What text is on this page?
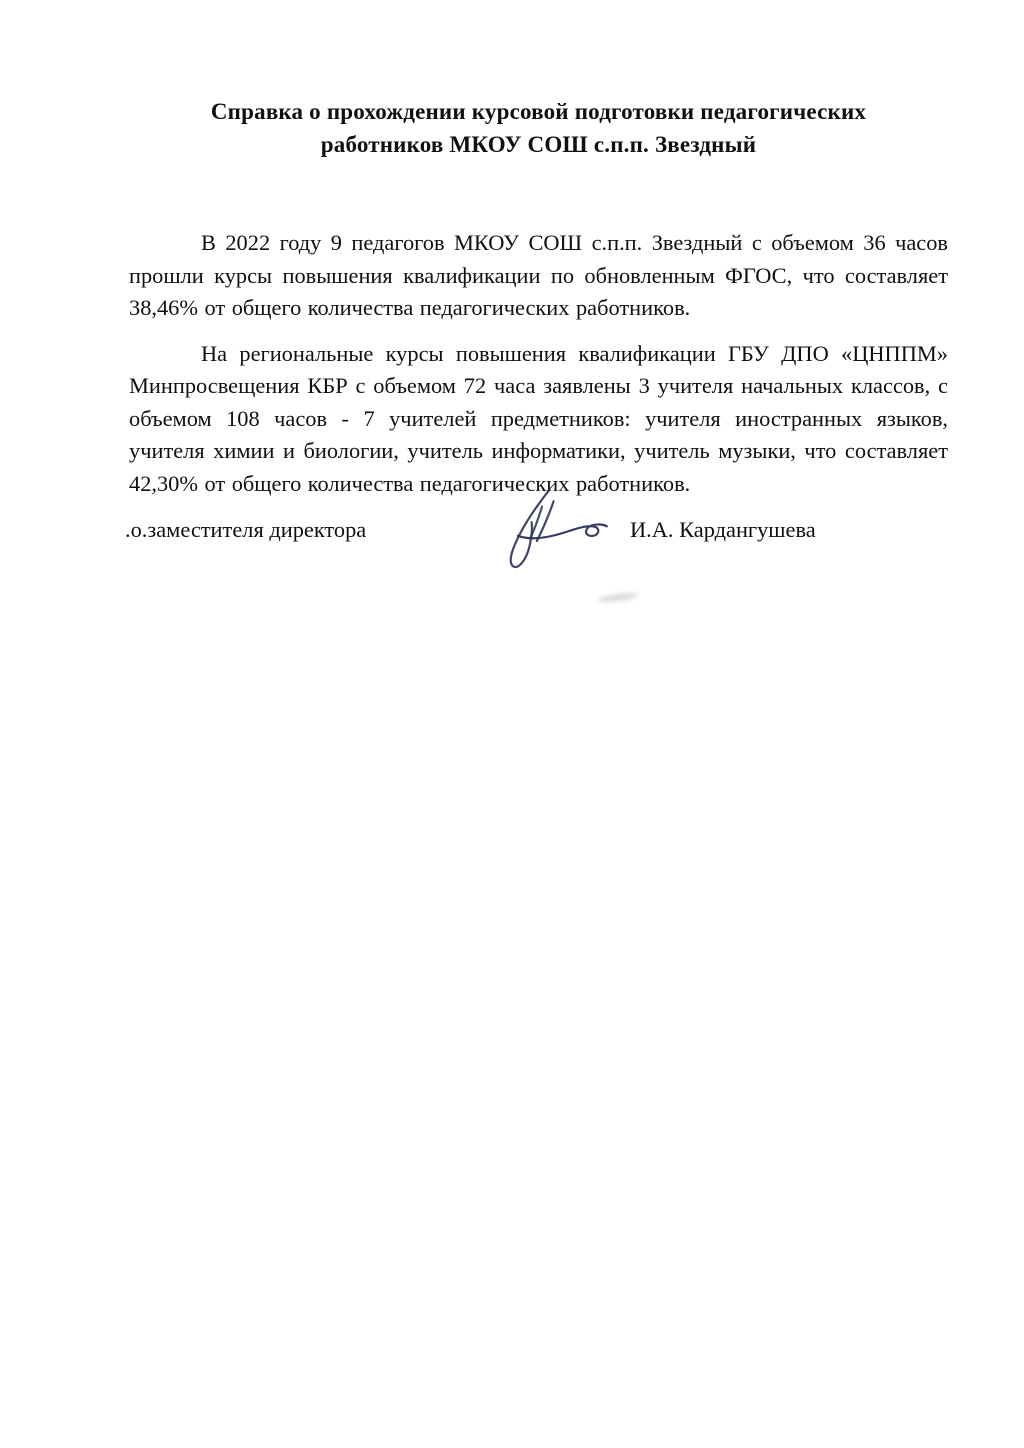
Справка о прохождении курсовой подготовки педагогических
работников МКОУ СОШ с.п.п. Звездный

В 2022 году 9 педагогов МКОУ СОШ с.п.п. Звездный с объемом 36 часов прошли курсы повышения квалификации по обновленным ФГОС, что составляет 38,46% от общего количества педагогических работников.

На региональные курсы повышения квалификации ГБУ ДПО «ЦНППМ» Минпросвещения КБР с объемом 72 часа заявлены 3 учителя начальных классов, с объемом 108 часов - 7 учителей предметников: учителя иностранных языков, учителя химии и биологии, учитель информатики, учитель музыки, что составляет 42,30% от общего количества педагогических работников.

.о.заместителя директора	И.А. Кардангушева
